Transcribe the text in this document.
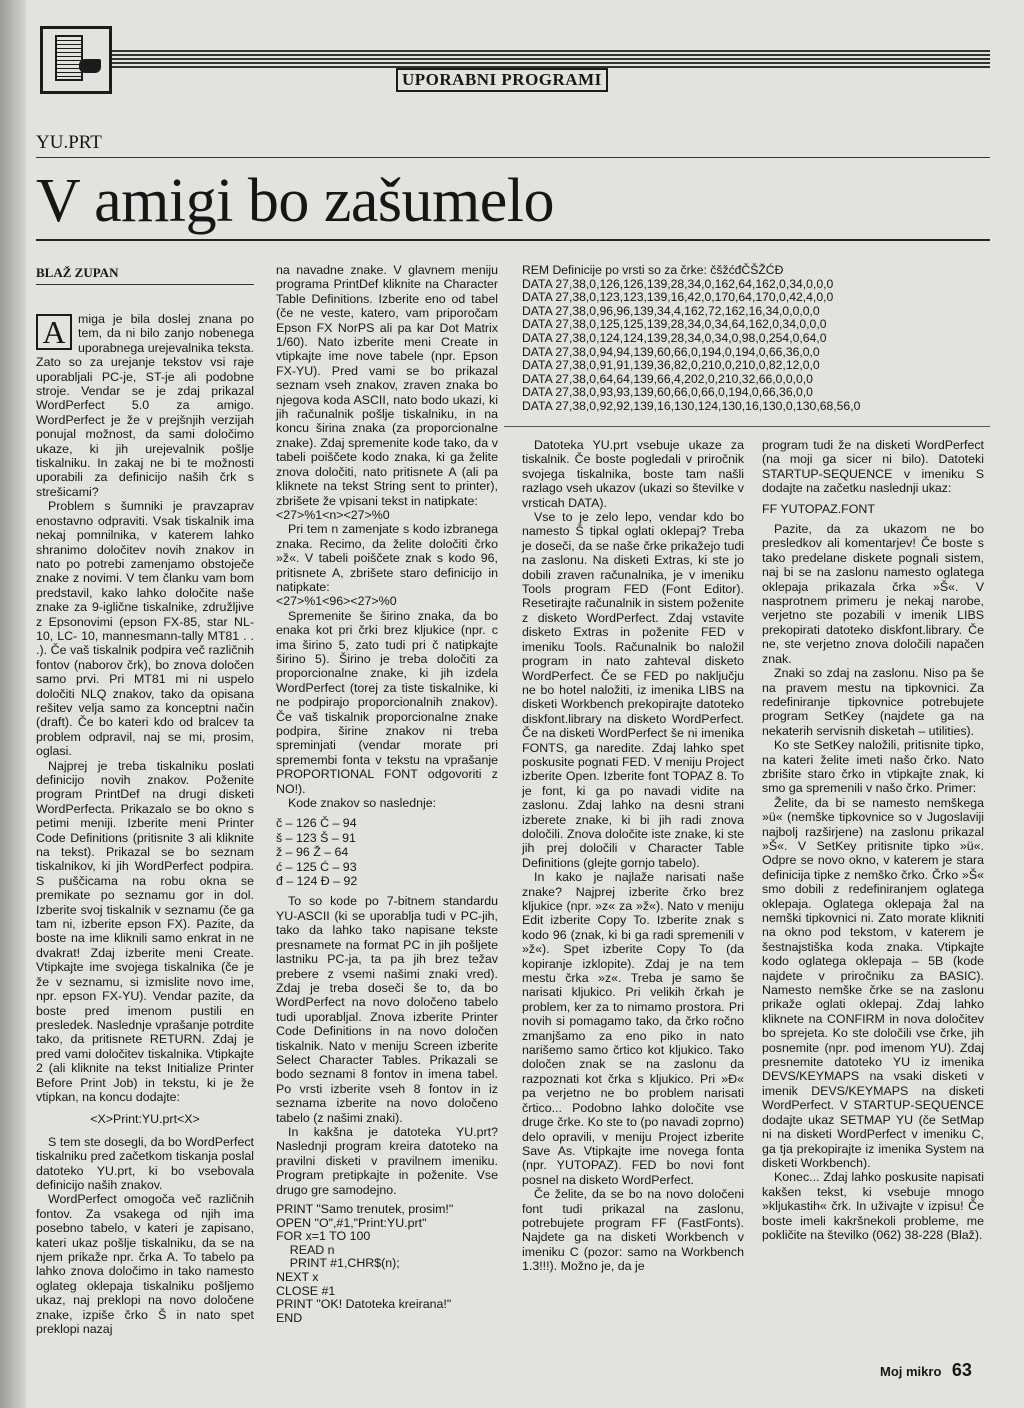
UPORABNI PROGRAMI
YU.PRT
V amigi bo zašumelo
BLAŽ ZUPAN

A	miga je bila doslej znana po tem, da ni bilo zanjo nobenega uporabnega urejevalnika teksta. Zato so za urejanje tekstov vsi raje uporabljali PC-je, ST-je ali podobne stroje. Vendar se je zdaj prikazal WordPerfect 5.0 za amigo. WordPerfect je že v prejšnjih verzijah ponujal možnost, da sami določimo ukaze, ki jih urejevalnik pošlje tiskalniku. In zakaj ne bi te možnosti uporabili za definicijo naših črk s strešicami?

Problem s šumniki je pravzaprav enostavno odpraviti. Vsak tiskalnik ima nekaj pomnilnika, v katerem lahko shranimo določitev novih znakov in nato po potrebi zamenjamo obstoječe znake z novimi. V tem članku vam bom predstavil, kako lahko določite naše znake za 9-iglične tiskalnike, združljive z Epsonovimi (epson FX-85, star NL-10, LC- 10, mannesmann-tally MT81 . . .). Če vaš tiskalnik podpira več različnih fontov (naborov črk), bo znova določen samo prvi. Pri MT81 mi ni uspelo določiti NLQ znakov, tako da opisana rešitev velja samo za konceptni način (draft). Če bo kateri kdo od bralcev ta problem odpravil, naj se mi, prosim, oglasi.

Najprej je treba tiskalniku poslati definicijo novih znakov. Poženite program PrintDef na drugi disketi WordPerfecta. Prikazalo se bo okno s petimi meniji. Izberite meni Printer Code Definitions (pritisnite 3 ali kliknite na tekst). Prikazal se bo seznam tiskalnikov, ki jih WordPerfect podpira. S puščicama na robu okna se premikate po seznamu gor in dol. Izberite svoj tiskalnik v seznamu (če ga tam ni, izberite epson FX). Pazite, da boste na ime kliknili samo enkrat in ne dvakrat! Zdaj izberite meni Create. Vtipkajte ime svojega tiskalnika (če je že v seznamu, si izmislite novo ime, npr. epson FX-YU). Vendar pazite, da boste pred imenom pustili en presledek. Naslednje vprašanje potrdite tako, da pritisnete RETURN. Zdaj je pred vami določitev tiskalnika. Vtipkajte 2 (ali kliknite na tekst Initialize Printer Before Print Job) in tekstu, ki je že vtipkan, na koncu dodajte:

<X>Print:YU.prt<X>

S tem ste dosegli, da bo WordPerfect tiskalniku pred začetkom tiskanja poslal datoteko YU.prt, ki bo vsebovala definicijo naših znakov.

WordPerfect omogoča več različnih fontov. Za vsakega od njih ima posebno tabelo, v kateri je zapisano, kateri ukaz pošlje tiskalniku, da se na njem prikaže npr. črka A. To tabelo pa lahko znova določimo in tako namesto oglateg oklepaja tiskalniku pošljemo ukaz, naj preklopi na novo določene znake, izpiše črko Š in nato spet preklopi nazaj

na navadne znake. V glavnem meniju programa PrintDef kliknite na Character Table Definitions. Izberite eno od tabel (če ne veste, katero, vam priporočam Epson FX NorPS ali pa kar Dot Matrix 1/60). Nato izberite meni Create in vtipkajte ime nove tabele (npr. Epson FX-YU). Pred vami se bo prikazal seznam vseh znakov, zraven znaka bo njegova koda ASCII, nato bodo ukazi, ki jih računalnik pošlje tiskalniku, in na koncu širina znaka (za proporcionalne znake). Zdaj spremenite kode tako, da v tabeli poiščete kodo znaka, ki ga želite znova določiti, nato pritisnete A (ali pa kliknete na tekst String sent to printer), zbrišete že vpisani tekst in natipkate:

<27>%1<n><27>%0

Pri tem n zamenjate s kodo izbranega znaka. Recimo, da želite določiti črko »ž«. V tabeli poiščete znak s kodo 96, pritisnete A, zbrišete staro definicijo in natipkate:

<27>%1<96><27>%0

Spremenite še širino znaka, da bo enaka kot pri črki brez kljukice (npr. c ima širino 5, zato tudi pri č natipkajte širino 5). Širino je treba določiti za proporcionalne znake, ki jih izdela WordPerfect (torej za tiste tiskalnike, ki ne podpirajo proporcionalnih znakov). Če vaš tiskalnik proporcionalne znake podpira, širine znakov ni treba spreminjati (vendar morate pri spremembi fonta v tekstu na vprašanje PROPORTIONAL FONT odgovoriti z NO!).

Kode znakov so naslednje:

č – 126 Č – 94
š – 123 Š – 91
ž – 96 Ž – 64
ć – 125 Ć – 93
đ – 124 Đ – 92

To so kode po 7-bitnem standardu YU-ASCII (ki se uporablja tudi v PC-jih, tako da lahko tako napisane tekste presnamete na format PC in jih pošljete lastniku PC-ja, ta pa jih brez težav prebere z vsemi našimi znaki vred). Zdaj je treba doseči še to, da bo WordPerfect na novo določeno tabelo tudi uporabljal. Znova izberite Printer Code Definitions in na novo določen tiskalnik. Nato v meniju Screen izberite Select Character Tables. Prikazali se bodo seznami 8 fontov in imena tabel. Po vrsti izberite vseh 8 fontov in iz seznama izberite na novo določeno tabelo (z našimi znaki).

In kakšna je datoteka YU.prt? Naslednji program kreira datoteko na pravilni disketi v pravilnem imeniku. Program pretipkajte in poženite. Vse drugo gre samodejno.

PRINT "Samo trenutek, prosim!"
OPEN "O",#1,"Print:YU.prt"
FOR x=1 TO 100
READ n
PRINT #1,CHR$(n);
NEXT x
CLOSE #1
PRINT "OK! Datoteka kreirana!"
END

REM Definicije po vrsti so za črke: čšžćđČŠŽĆĐ
DATA 27,38,0,126,126,139,28,34,0,162,64,162,0,34,0,0,0
DATA 27,38,0,123,123,139,16,42,0,170,64,170,0,42,4,0,0
DATA 27,38,0,96,96,139,34,4,162,72,162,16,34,0,0,0,0
DATA 27,38,0,125,125,139,28,34,0,34,64,162,0,34,0,0,0
DATA 27,38,0,124,124,139,28,34,0,34,0,98,0,254,0,64,0
DATA 27,38,0,94,94,139,60,66,0,194,0,194,0,66,36,0,0
DATA 27,38,0,91,91,139,36,82,0,210,0,210,0,82,12,0,0
DATA 27,38,0,64,64,139,66,4,202,0,210,32,66,0,0,0,0
DATA 27,38,0,93,93,139,60,66,0,66,0,194,0,66,36,0,0
DATA 27,38,0,92,92,139,16,130,124,130,16,130,0,130,68,56,0

Datoteka YU.prt vsebuje ukaze za tiskalnik. Če boste pogledali v priročnik svojega tiskalnika, boste tam našli razlago vseh ukazov (ukazi so števiIke v vrsticah DATA).

Vse to je zelo lepo, vendar kdo bo namesto Š tipkal oglati oklepaj? Treba je doseči, da se naše črke prikažejo tudi na zaslonu. Na disketi Extras, ki ste jo dobili zraven računalnika, je v imeniku Tools program FED (Font Editor). Resetirajte računalnik in sistem poženite z disketo WordPerfect. Zdaj vstavite disketo Extras in poženite FED v imeniku Tools. Računalnik bo naložil program in nato zahteval disketo WordPerfect. Če se FED po naključju ne bo hotel naložiti, iz imenika LIBS na disketi Workbench prekopirajte datoteko diskfont.library na disketo WordPerfect. Če na disketi WordPerfect še ni imenika FONTS, ga naredite. Zdaj lahko spet poskusite pognati FED. V meniju Project izberite Open. Izberite font TOPAZ 8. To je font, ki ga po navadi vidite na zaslonu. Zdaj lahko na desni strani izberete znake, ki bi jih radi znova določili. Znova določite iste znake, ki ste jih prej določili v Character Table Definitions (glejte gornjo tabelo).

In kako je najlaže narisati naše znake? Najprej izberite črko brez kljukice (npr. »z« za »ž«). Nato v meniju Edit izberite Copy To. Izberite znak s kodo 96 (znak, ki bi ga radi spremenili v »ž«). Spet izberite Copy To (da kopiranje izklopite). Zdaj je na tem mestu črka »z«. Treba je samo še narisati kljukico. Pri velikih črkah je problem, ker za to nimamo prostora. Pri novih si pomagamo tako, da črko ročno zmanjšamo za eno piko in nato narišemo samo črtico kot kljukico. Tako določen znak se na zaslonu da razpoznati kot črka s kljukico. Pri »Đ« pa verjetno ne bo problem narisati črtico... Podobno lahko določite vse druge črke. Ko ste to (po navadi zoprno) delo opravili, v meniju Project izberite Save As. Vtipkajte ime novega fonta (npr. YUTOPAZ). FED bo novi font posnel na disketo WordPerfect.

Če želite, da se bo na novo določeni font tudi prikazal na zaslonu, potrebujete program FF (FastFonts). Najdete ga na disketi Workbench v imeniku C (pozor: samo na Workbench 1.3!!!). Možno je, da je

program tudi že na disketi WordPerfect (na moji ga sicer ni bilo). Datoteki STARTUP-SEQUENCE v imeniku S dodajte na začetku naslednji ukaz:

FF YUTOPAZ.FONT

Pazite, da za ukazom ne bo presledkov ali komentarjev! Če boste s tako predelane diskete pognali sistem, naj bi se na zaslonu namesto oglatega oklepaja prikazala črka »Š«. V nasprotnem primeru je nekaj narobe, verjetno ste pozabili v imenik LIBS prekopirati datoteko diskfont.library. Če ne, ste verjetno znova določili napačen znak.

Znaki so zdaj na zaslonu. Niso pa še na pravem mestu na tipkovnici. Za redefiniranje tipkovnice potrebujete program SetKey (najdete ga na nekaterih servisnih disketah – utilities).

Ko ste SetKey naložili, pritisnite tipko, na kateri želite imeti našo črko. Nato zbrišite staro črko in vtipkajte znak, ki smo ga spremenili v našo črko. Primer:

Želite, da bi se namesto nemškega »ü« (nemške tipkovnice so v Jugoslaviji najbolj razširjene) na zaslonu prikazal »Š«. V SetKey pritisnite tipko »ü«. Odpre se novo okno, v katerem je stara definicija tipke z nemško črko. Črko »Š« smo dobili z redefiniranjem oglatega oklepaja. Oglatega oklepaja žal na nemški tipkovnici ni. Zato morate klikniti na okno pod tekstom, v katerem je šestnajstiška koda znaka. Vtipkajte kodo oglatega oklepaja – 5B (kode najdete v priročniku za BASIC). Namesto nemške črke se na zaslonu prikaže oglati oklepaj. Zdaj lahko kliknete na CONFIRM in nova določitev bo sprejeta. Ko ste določili vse črke, jih posnemite (npr. pod imenom YU). Zdaj presnemite datoteko YU iz imenika DEVS/KEYMAPS na vsaki disketi v imenik DEVS/KEYMAPS na disketi WordPerfect. V STARTUP-SEQUENCE dodajte ukaz SETMAP YU (če SetMap ni na disketi WordPerfect v imeniku C, ga tja prekopirajte iz imenika System na disketi Workbench).

Konec... Zdaj lahko poskusite napisati kakšen tekst, ki vsebuje mnogo »kljukastih« črk. In uživajte v izpisu! Če boste imeli kakršnekoli probleme, me pokličite na številko (062) 38-228 (Blaž).

Moj mikro 63
